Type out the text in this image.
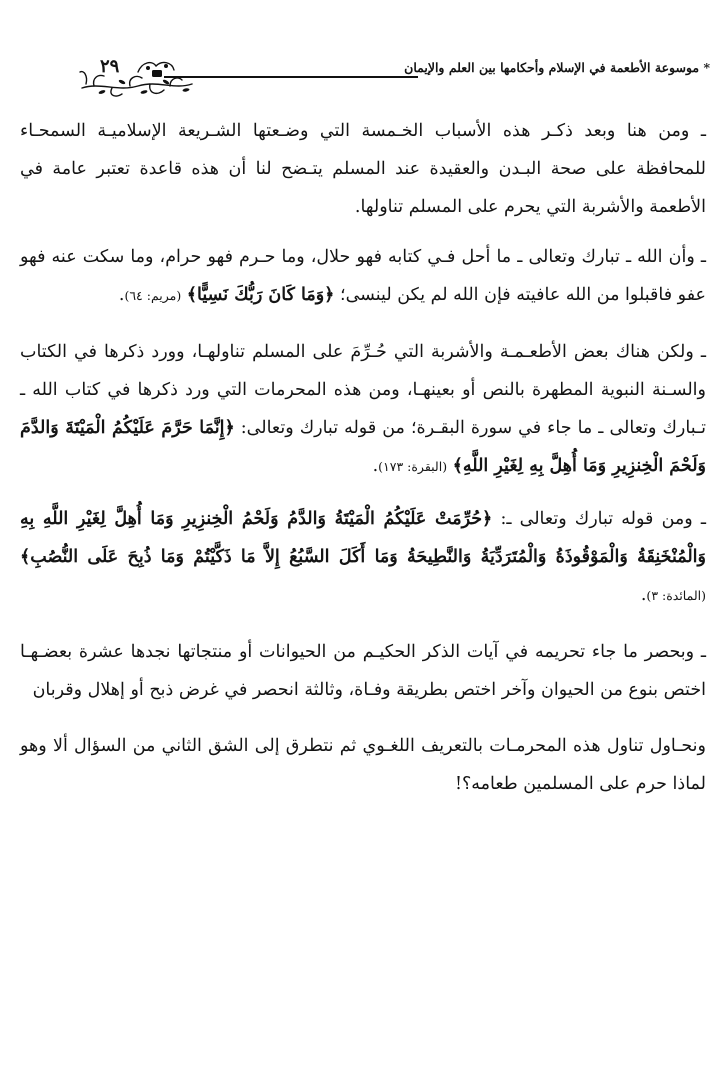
* موسوعة الأطعمة في الإسلام وأحكامها بين العلم والإيمان
٢٩

ـ ومن هنا وبعد ذكـر هذه الأسباب الخـمسة التي وضـعتها الشـريعة الإسلاميـة السمحـاء للمحافظة على صحة البـدن والعقيدة عند المسلم يتـضح لنا أن هذه قاعدة تعتبر عامة في الأطعمة والأشربة التي يحرم على المسلم تناولها.

ـ وأن الله ـ تبارك وتعالى ـ ما أحل فـي كتابه فهو حلال، وما حـرم فهو حرام، وما سكت عنه فهو عفو فاقبلوا من الله عافيته فإن الله لم يكن لينسى؛ ﴿وَمَا كَانَ رَبُّكَ نَسِيًّا﴾ (مريم: ٦٤).

ـ ولكن هناك بعض الأطعـمـة والأشربة التي حُـرِّمَ على المسلم تناولهـا، وورد ذكرها في الكتاب والسـنة النبوية المطهرة بالنص أو بعينهـا، ومن هذه المحرمات التي ورد ذكرها في كتاب الله ـ تـبارك وتعالى ـ ما جاء في سورة البقـرة؛ من قوله تبارك وتعالى: ﴿إِنَّمَا حَرَّمَ عَلَيْكُمُ الْمَيْتَةَ وَالدَّمَ وَلَحْمَ الْخِنزِيرِ وَمَا أُهِلَّ بِهِ لِغَيْرِ اللَّهِ﴾ (البقرة: ١٧٣).

ـ ومن قوله تبارك وتعالى ـ: ﴿حُرِّمَتْ عَلَيْكُمُ الْمَيْتَةُ وَالدَّمُ وَلَحْمُ الْخِنزِيرِ وَمَا أُهِلَّ لِغَيْرِ اللَّهِ بِهِ وَالْمُنْخَنِقَةُ وَالْمَوْقُوذَةُ وَالْمُتَرَدِّيَةُ وَالنَّطِيحَةُ وَمَا أَكَلَ السَّبُعُ إِلاَّ مَا ذَكَّيْتُمْ وَمَا ذُبِحَ عَلَى النُّصُبِ﴾ (المائدة: ٣).

ـ وبحصر ما جاء تحريمه في آيات الذكر الحكيـم من الحيوانات أو منتجاتها نجدها عشرة بعضـهـا اختص بنوع من الحيوان وآخر اختص بطريقة وفـاة، وثالثة انحصر في غرض ذبح أو إهلال وقربان

ونحـاول تناول هذه المحرمـات بالتعريف اللغـوي ثم نتطرق إلى الشق الثاني من السؤال ألا وهو لماذا حرم على المسلمين طعامه؟!
